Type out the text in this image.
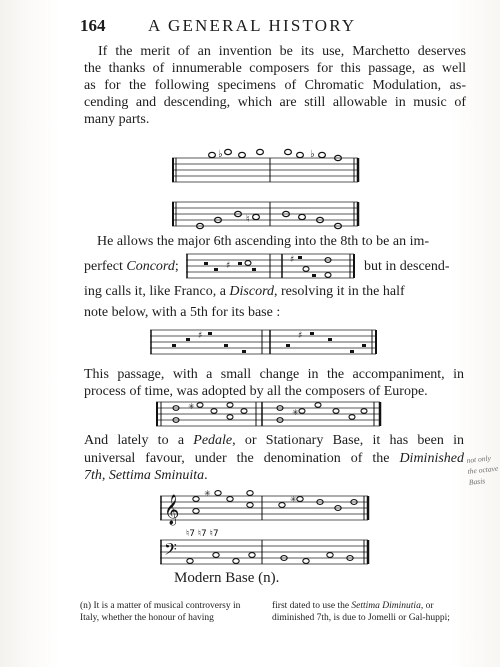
164	A GENERAL HISTORY
If the merit of an invention be its use, Marchetto deserves
the thanks of innumerable composers for this passage, as well
as for the following specimens of Chromatic Modulation, as-
cending and descending, which are still allowable in music of
many parts.
♭	♭
♮
He allows the major 6th ascending into the 8th to be an im-
perfect Concord;	♯
♯	but in descend-
ing calls it, like Franco, a Discord, resolving it in the half
note below, with a 5th for its base :
♯	♯
This passage, with a small change in the accompaniment, in
process of time, was adopted by all the composers of Europe.
✳
✳
And lately to a Pedale, or Stationary Base, it has been in
universal favour, under the denomination of the Diminished
7th, Settima Sminuita.
not only the octave Basis
𝄞
𝄢
✳
✳
♮7 ♮7 ♮7
Modern Base (n).
(n) It is a matter of musical controversy in Italy, whether the honour of having
first dated to use the Settima Diminutia, or diminished 7th, is due to Jomelli or Gal-huppi;
